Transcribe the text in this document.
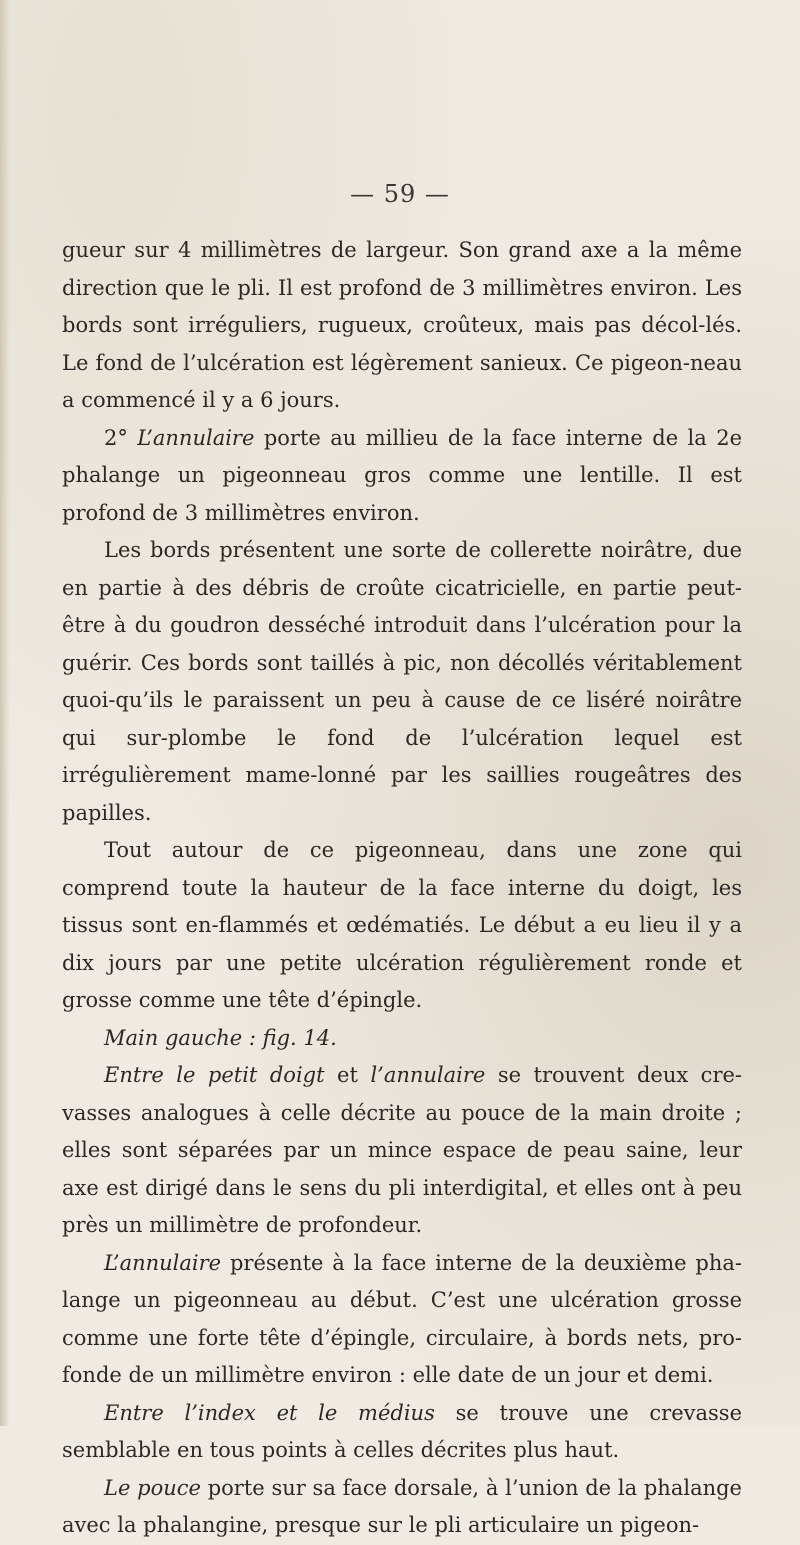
— 59 —

gueur sur 4 millimètres de largeur. Son grand axe a la même direction que le pli. Il est profond de 3 millimètres environ. Les bords sont irréguliers, rugueux, croûteux, mais pas décol-lés. Le fond de l’ulcération est légèrement sanieux. Ce pigeon-neau a commencé il y a 6 jours.

2° L’annulaire porte au millieu de la face interne de la 2e phalange un pigeonneau gros comme une lentille. Il est profond de 3 millimètres environ.

Les bords présentent une sorte de collerette noirâtre, due en partie à des débris de croûte cicatricielle, en partie peut-être à du goudron desséché introduit dans l’ulcération pour la guérir. Ces bords sont taillés à pic, non décollés véritablement quoi-qu’ils le paraissent un peu à cause de ce liséré noirâtre qui sur-plombe le fond de l’ulcération lequel est irrégulièrement mame-lonné par les saillies rougeâtres des papilles.

Tout autour de ce pigeonneau, dans une zone qui comprend toute la hauteur de la face interne du doigt, les tissus sont en-flammés et œdématiés. Le début a eu lieu il y a dix jours par une petite ulcération régulièrement ronde et grosse comme une tête d’épingle.

Main gauche : fig. 14.

Entre le petit doigt et l’annulaire se trouvent deux cre-vasses analogues à celle décrite au pouce de la main droite ; elles sont séparées par un mince espace de peau saine, leur axe est dirigé dans le sens du pli interdigital, et elles ont à peu près un millimètre de profondeur.

L’annulaire présente à la face interne de la deuxième pha-lange un pigeonneau au début. C’est une ulcération grosse comme une forte tête d’épingle, circulaire, à bords nets, pro-fonde de un millimètre environ : elle date de un jour et demi.

Entre l’index et le médius se trouve une crevasse semblable en tous points à celles décrites plus haut.

Le pouce porte sur sa face dorsale, à l’union de la phalange avec la phalangine, presque sur le pli articulaire un pigeon-
